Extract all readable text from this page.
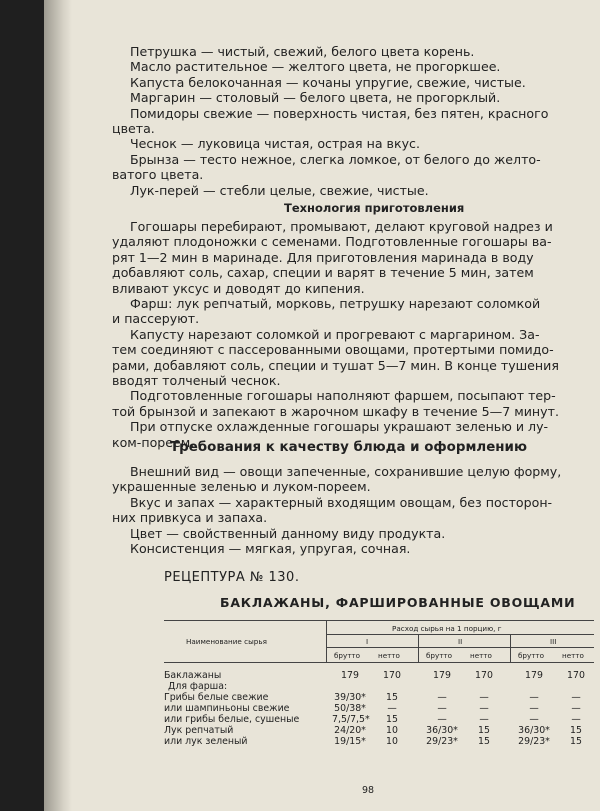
Петрушка — чистый, свежий, белого цвета корень.
Масло растительное — желтого цвета, не прогоркшее.
Капуста белокочанная — кочаны упругие, свежие, чистые.
Маргарин — столовый — белого цвета, не прогорклый.
Помидоры свежие — поверхность чистая, без пятен, красного
цвета.
Чеснок — луковица чистая, острая на вкус.
Брынза — тесто нежное, слегка ломкое, от белого до желто-
ватого цвета.
Лук-перей — стебли целые, свежие, чистые.
Технология приготовления
Гогошары перебирают, промывают, делают круговой надрез и
удаляют плодоножки с семенами. Подготовленные гогошары ва-
рят 1—2 мин в маринаде. Для приготовления маринада в воду
добавляют соль, сахар, специи и варят в течение 5 мин, затем
вливают уксус и доводят до кипения.
Фарш: лук репчатый, морковь, петрушку нарезают соломкой
и пассеруют.
Капусту нарезают соломкой и прогревают с маргарином. За-
тем соединяют с пассерованными овощами, протертыми помидо-
рами, добавляют соль, специи и тушат 5—7 мин. В конце тушения
вводят толченый чеснок.
Подготовленные гогошары наполняют фаршем, посыпают тер-
той брынзой и запекают в жарочном шкафу в течение 5—7 минут.
При отпуске охлажденные гогошары украшают зеленью и лу-
ком-пореем.
Требования к качеству блюда и оформлению
Внешний вид — овощи запеченные, сохранившие целую форму,
украшенные зеленью и луком-пореем.
Вкус и запах — характерный входящим овощам, без посторон-
них привкуса и запаха.
Цвет — свойственный данному виду продукта.
Консистенция — мягкая, упругая, сочная.
РЕЦЕПТУРА № 130.
БАКЛАЖАНЫ, ФАРШИРОВАННЫЕ ОВОЩАМИ
Наименование сырья
Расход сырья на 1 порцию, г
I	II	III
брутто нетто	брутто нетто	брутто нетто
Баклажаны	179	170	179	170	179	170
Для фарша:
Грибы белые свежие	39/30*	15	—	—	—	—
или шампиньоны свежие	50/38*	—	—	—	—	—
или грибы белые, сушеные	7,5/7,5*	15	—	—	—	—
Лук репчатый	24/20*	10	36/30*	15	36/30*	15
или лук зеленый	19/15*	10	29/23*	15	29/23*	15
98
